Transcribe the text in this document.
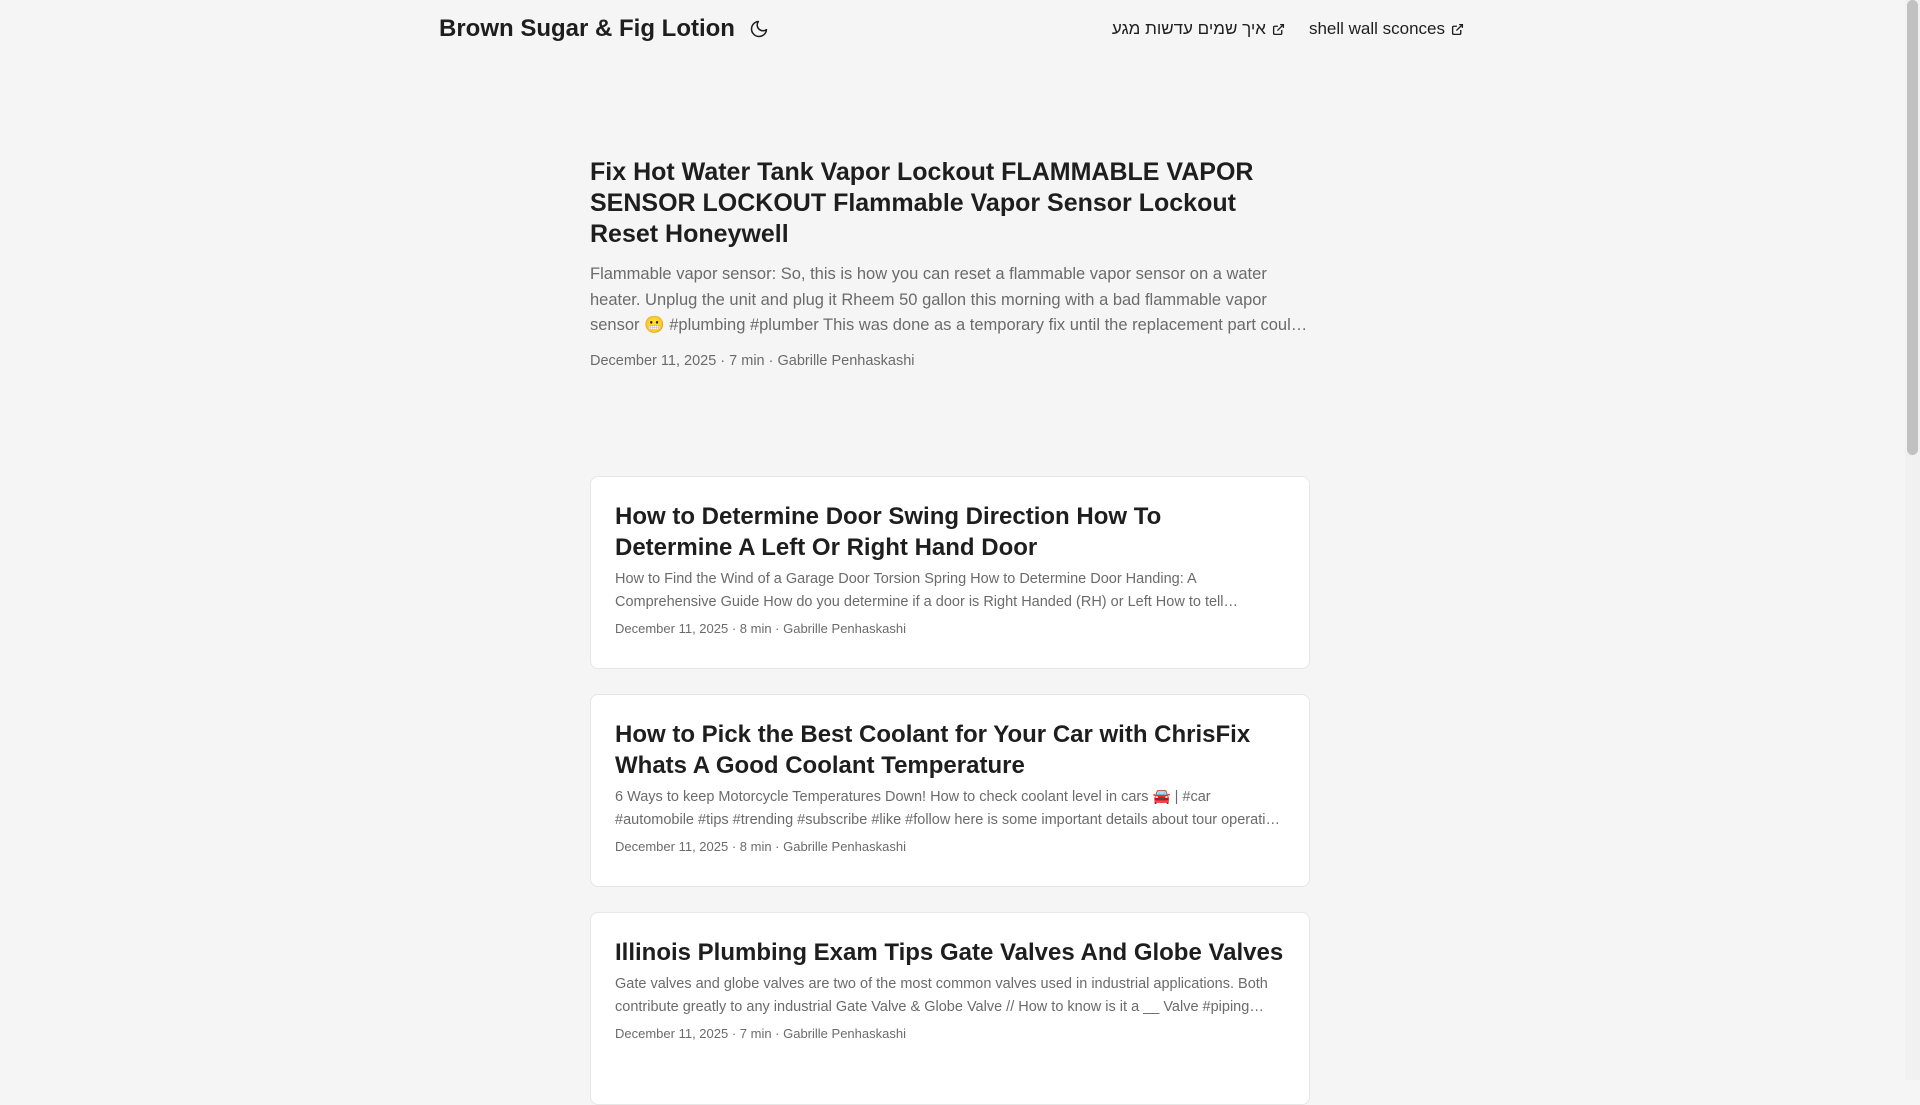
Brown Sugar & Fig Lotion	איך שמים עדשות מגע	shell wall sconces
Fix Hot Water Tank Vapor Lockout FLAMMABLE VAPOR SENSOR LOCKOUT Flammable Vapor Sensor Lockout Reset Honeywell

Flammable vapor sensor: So, this is how you can reset a flammable vapor sensor on a water heater. Unplug the unit and plug it Rheem 50 gallon this morning with a bad flammable vapor sensor 😬 #plumbing #plumber This was done as a temporary fix until the replacement part could

December 11, 2025 · 7 min · Gabrille Penhaskashi
How to Determine Door Swing Direction How To Determine A Left Or Right Hand Door

How to Find the Wind of a Garage Door Torsion Spring How to Determine Door Handing: A Comprehensive Guide How do you determine if a door is Right Handed (RH) or Left How to tell

December 11, 2025 · 8 min · Gabrille Penhaskashi
How to Pick the Best Coolant for Your Car with ChrisFix Whats A Good Coolant Temperature

6 Ways to keep Motorcycle Temperatures Down! How to check coolant level in cars 🚘 | #car #automobile #tips #trending #subscribe #like #follow here is some important details about tour operating

December 11, 2025 · 8 min · Gabrille Penhaskashi
Illinois Plumbing Exam Tips Gate Valves And Globe Valves

Gate valves and globe valves are two of the most common valves used in industrial applications. Both contribute greatly to any industrial Gate Valve & Globe Valve // How to know is it a __ Valve #piping

December 11, 2025 · 7 min · Gabrille Penhaskashi
